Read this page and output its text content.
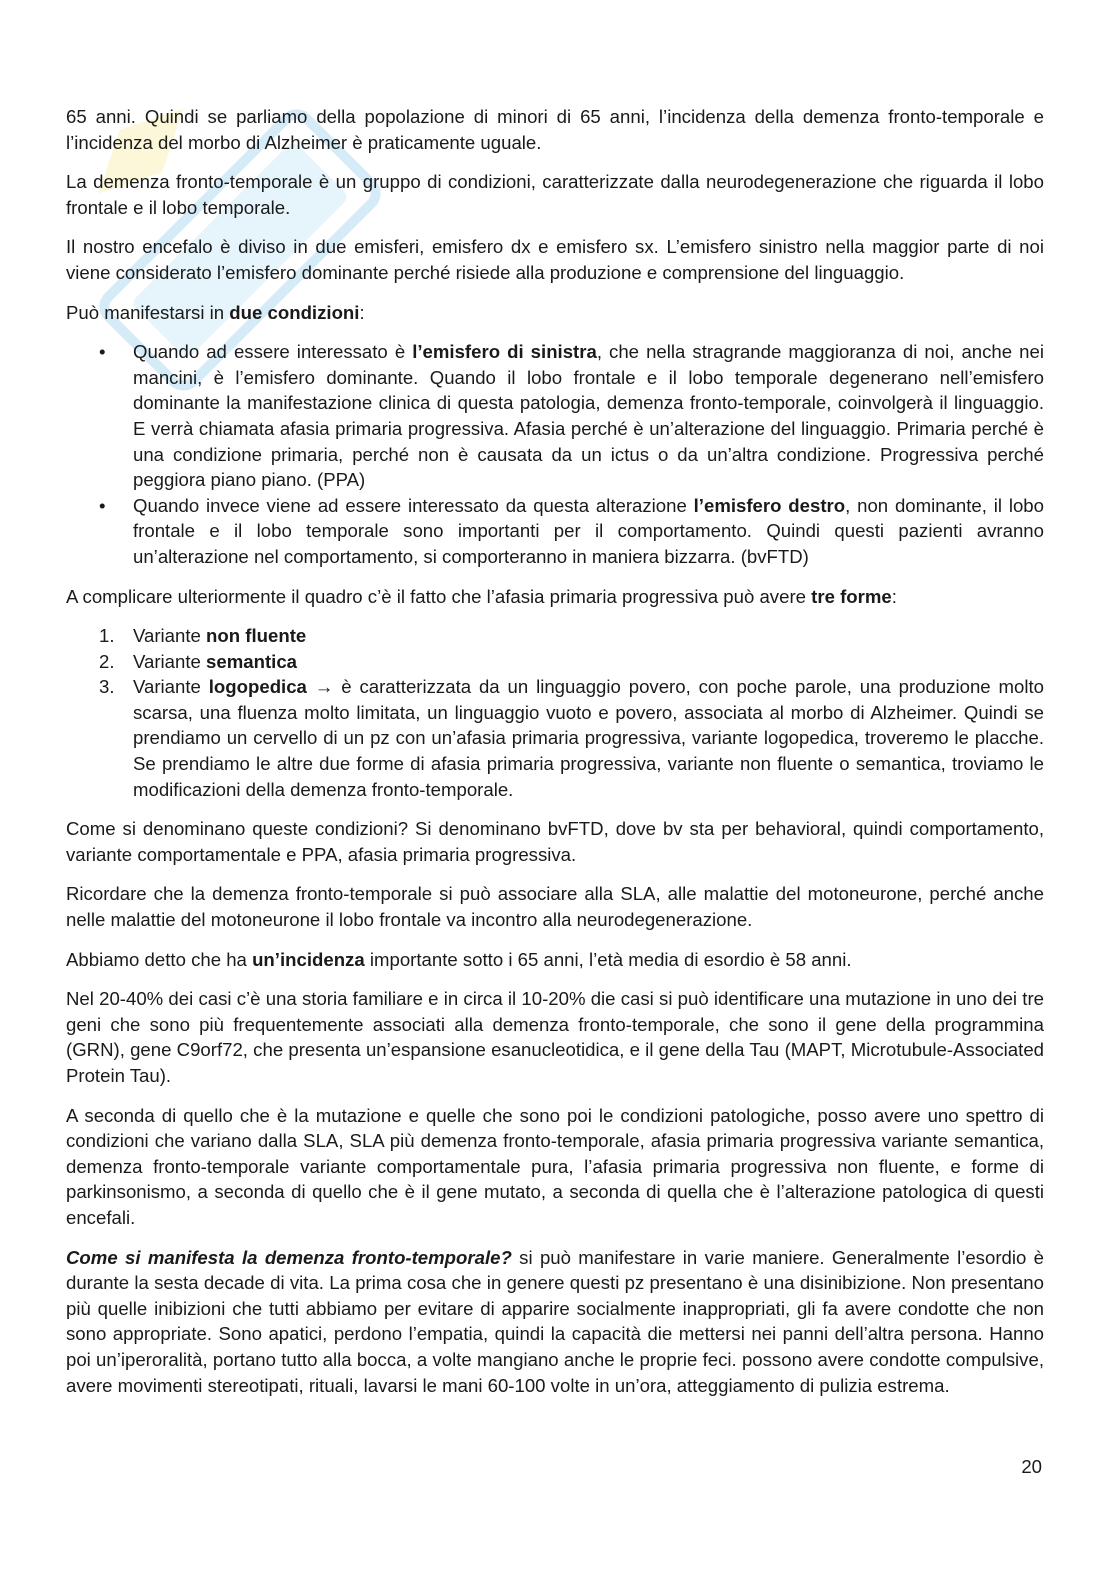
65 anni. Quindi se parliamo della popolazione di minori di 65 anni, l’incidenza della demenza fronto-temporale e l’incidenza del morbo di Alzheimer è praticamente uguale.

La demenza fronto-temporale è un gruppo di condizioni, caratterizzate dalla neurodegenerazione che riguarda il lobo frontale e il lobo temporale.

Il nostro encefalo è diviso in due emisferi, emisfero dx e emisfero sx. L’emisfero sinistro nella maggior parte di noi viene considerato l’emisfero dominante perché risiede alla produzione e comprensione del linguaggio.

Può manifestarsi in due condizioni:

• Quando ad essere interessato è l’emisfero di sinistra, che nella stragrande maggioranza di noi, anche nei mancini, è l’emisfero dominante. Quando il lobo frontale e il lobo temporale degenerano nell’emisfero dominante la manifestazione clinica di questa patologia, demenza fronto-temporale, coinvolgerà il linguaggio. E verrà chiamata afasia primaria progressiva. Afasia perché è un’alterazione del linguaggio. Primaria perché è una condizione primaria, perché non è causata da un ictus o da un’altra condizione. Progressiva perché peggiora piano piano. (PPA)
• Quando invece viene ad essere interessato da questa alterazione l’emisfero destro, non dominante, il lobo frontale e il lobo temporale sono importanti per il comportamento. Quindi questi pazienti avranno un’alterazione nel comportamento, si comporteranno in maniera bizzarra. (bvFTD)

A complicare ulteriormente il quadro c’è il fatto che l’afasia primaria progressiva può avere tre forme:

1. Variante non fluente
2. Variante semantica
3. Variante logopedica → è caratterizzata da un linguaggio povero, con poche parole, una produzione molto scarsa, una fluenza molto limitata, un linguaggio vuoto e povero, associata al morbo di Alzheimer. Quindi se prendiamo un cervello di un pz con un’afasia primaria progressiva, variante logopedica, troveremo le placche. Se prendiamo le altre due forme di afasia primaria progressiva, variante non fluente o semantica, troviamo le modificazioni della demenza fronto-temporale.

Come si denominano queste condizioni? Si denominano bvFTD, dove bv sta per behavioral, quindi comportamento, variante comportamentale e PPA, afasia primaria progressiva.

Ricordare che la demenza fronto-temporale si può associare alla SLA, alle malattie del motoneurone, perché anche nelle malattie del motoneurone il lobo frontale va incontro alla neurodegenerazione.

Abbiamo detto che ha un’incidenza importante sotto i 65 anni, l’età media di esordio è 58 anni.

Nel 20-40% dei casi c’è una storia familiare e in circa il 10-20% die casi si può identificare una mutazione in uno dei tre geni che sono più frequentemente associati alla demenza fronto-temporale, che sono il gene della programmina (GRN), gene C9orf72, che presenta un’espansione esanucleotidica, e il gene della Tau (MAPT, Microtubule-Associated Protein Tau).

A seconda di quello che è la mutazione e quelle che sono poi le condizioni patologiche, posso avere uno spettro di condizioni che variano dalla SLA, SLA più demenza fronto-temporale, afasia primaria progressiva variante semantica, demenza fronto-temporale variante comportamentale pura, l’afasia primaria progressiva non fluente, e forme di parkinsonismo, a seconda di quello che è il gene mutato, a seconda di quella che è l’alterazione patologica di questi encefali.

Come si manifesta la demenza fronto-temporale? si può manifestare in varie maniere. Generalmente l’esordio è durante la sesta decade di vita. La prima cosa che in genere questi pz presentano è una disinibizione. Non presentano più quelle inibizioni che tutti abbiamo per evitare di apparire socialmente inappropriati, gli fa avere condotte che non sono appropriate. Sono apatici, perdono l’empatia, quindi la capacità die mettersi nei panni dell’altra persona. Hanno poi un’iperoralità, portano tutto alla bocca, a volte mangiano anche le proprie feci. possono avere condotte compulsive, avere movimenti stereotipati, rituali, lavarsi le mani 60-100 volte in un’ora, atteggiamento di pulizia estrema.

20
